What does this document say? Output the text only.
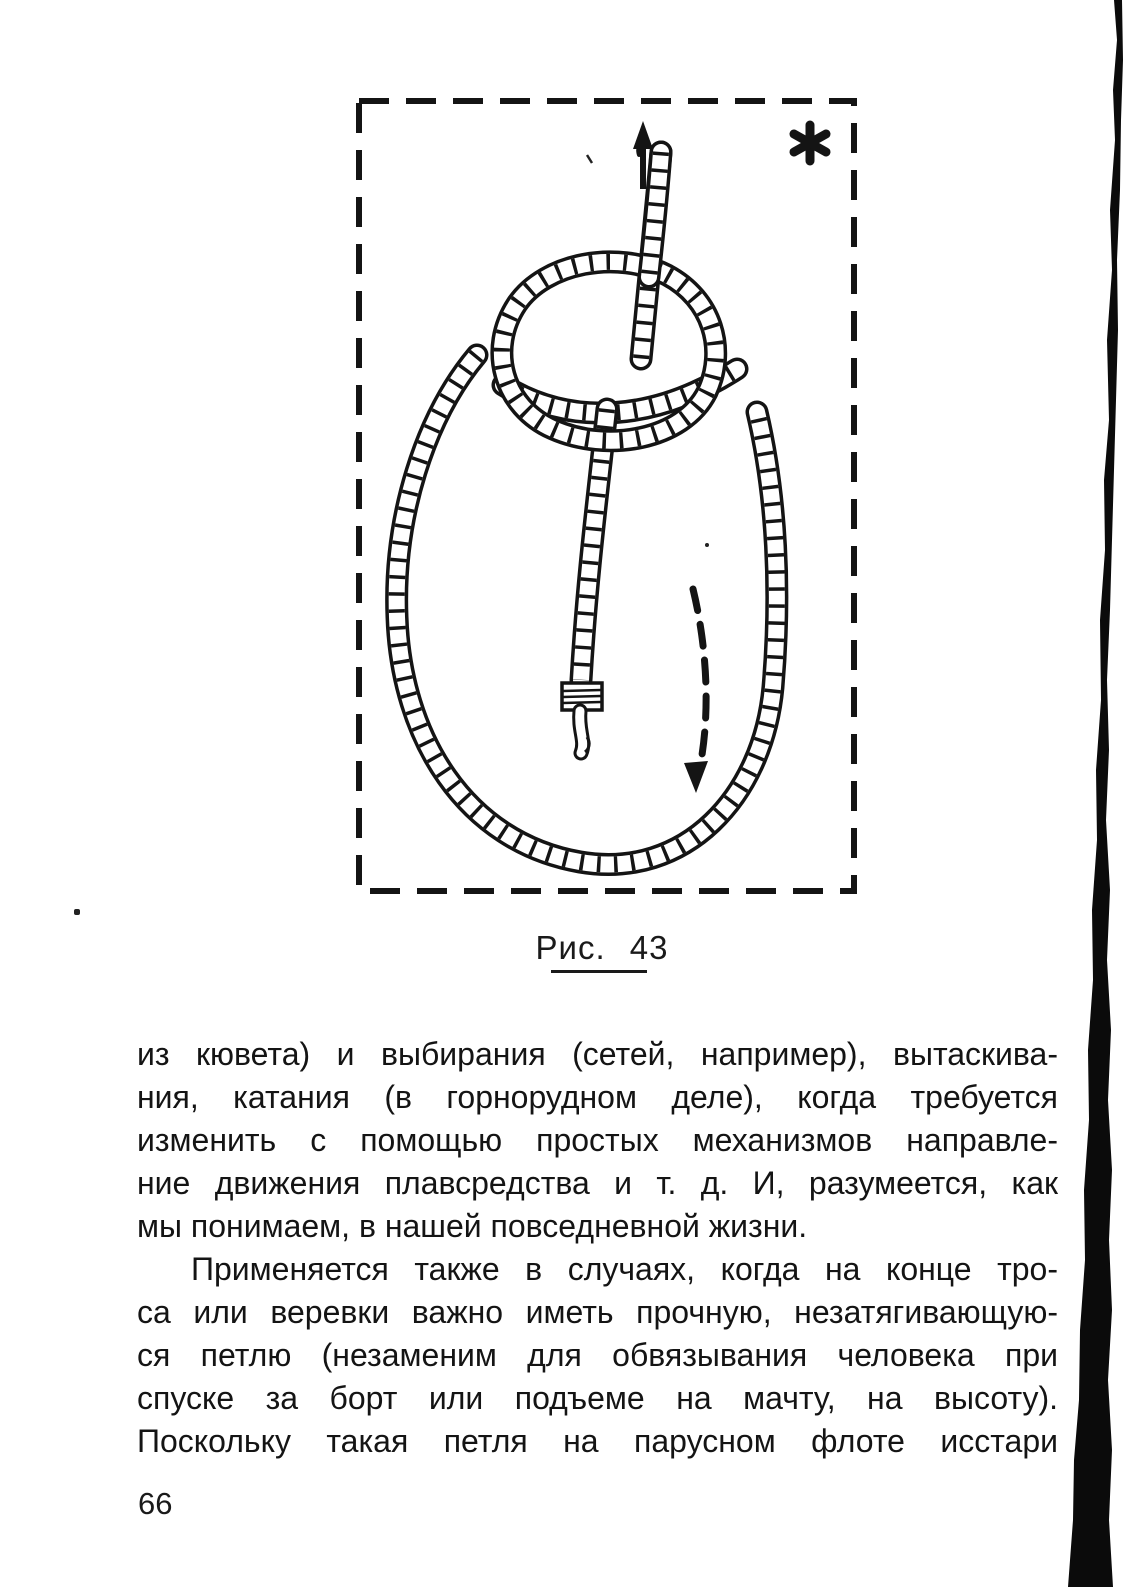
Рис. 43
из кювета) и выбирания (сетей, например), вытаскива-
ния, катания (в горнорудном деле), когда требуется
изменить с помощью простых механизмов направле-
ние движения плавсредства и т. д. И, разумеется, как
мы понимаем, в нашей повседневной жизни.
Применяется также в случаях, когда на конце тро-
са или веревки важно иметь прочную, незатягивающую-
ся петлю (незаменим для обвязывания человека при
спуске за борт или подъеме на мачту, на высоту).
Поскольку такая петля на парусном флоте исстари
66
